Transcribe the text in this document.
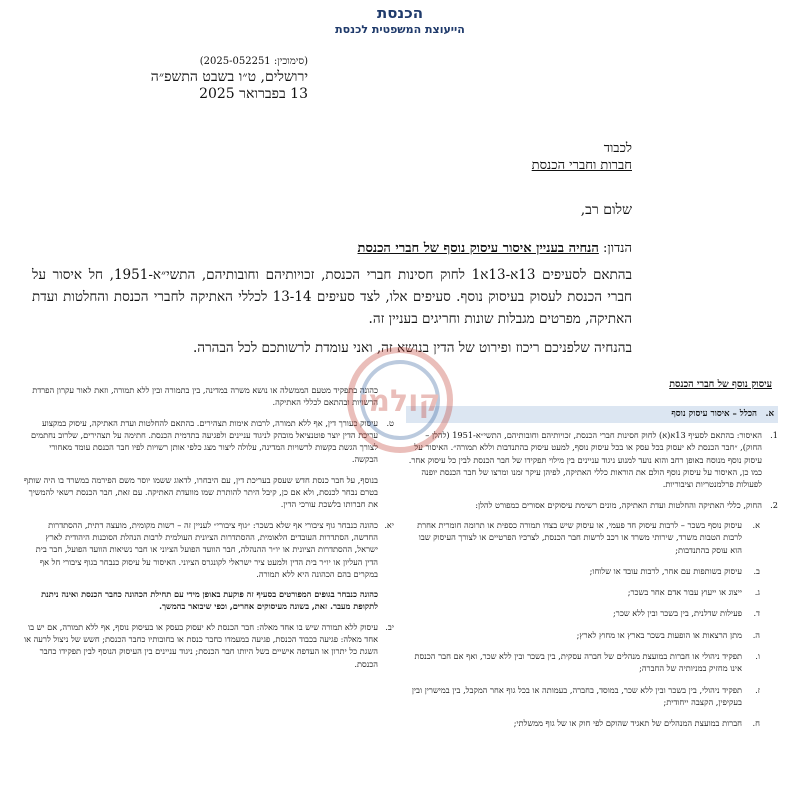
הכנסת
הייעוצת המשפטית לכנסת
(סימוכין: 2025-052251)
ירושלים, ט״ו בשבט התשפ״ה
13 בפברואר 2025
לכבוד
חברות וחברי הכנסת
שלום רב,
הנדון: הנחיה בעניין איסור עיסוק נוסף של חברי הכנסת
בהתאם לסעיפים 13א-13א1 לחוק חסינות חברי הכנסת, זכויותיהם וחובותיהם, התשי״א-1951, חל איסור על חברי הכנסת לעסוק בעיסוק נוסף. סעיפים אלו, לצד סעיפים 13-14 לכללי האתיקה לחברי הכנסת והחלטות ועדת האתיקה, מפרטים מגבלות שונות וחריגים בעניין זה.
בהנחיה שלפניכם ריכוז ופירוט של הדין בנושא זה, ואני עומדת לרשותכם לכל הבהרה.
עיסוק נוסף של חברי הכנסת
א. הכלל – איסור עיסוק נוסף
1.
האיסור: בהתאם לסעיף 13א(א) לחוק חסינות חברי הכנסת, זכויותיהם וחובותיהם, התשי״א-1951 (להלן – החוק), ״חבר הכנסת לא יעסוק בכל עסק או בכל עיסוק נוסף, למעט עיסוק בהתנדבות וללא תמורה״. האיסור על עיסוק נוסף מנוסח באופן רחב והוא נועד למנוע ניגוד עניינים בין מילוי תפקידו של חבר הכנסת לבין כל עיסוק אחר. כמו כן, האיסור על עיסוק נוסף הולם את הוראות כללי האתיקה, לפיהן עיקר זמנו ומרצו של חבר הכנסת יופנה לפעולות פרלמנטריות וציבוריות.
2.
החוק, כללי האתיקה והחלטות ועדת האתיקה, מונים רשימת עיסוקים אסורים כמפורט להלן:
א.
עיסוק נוסף בשכר – לרבות עיסוק חד פעמי, או עיסוק שיש בצדו תמורה כספית או תרומה חומרית אחרת לרבות הטבות משרד, שירותי משרד או רכב לרשות חבר הכנסת, לצרכיו הפרטיים או לצורך העיסוק שבו הוא עוסק בהתנדבות;
ב.
עיסוק בשותפות עם אחר, לרבות עובד או שלוחו;
ג.
ייצוג או ייעוץ עבור אדם אחר בשכר;
ד.
פעילות שדלנית, בין בשכר ובין ללא שכר;
ה.
מתן הרצאות או הופעות בשכר בארץ או מחוץ לארץ;
ו.
תפקיד ניהולי או חברות במועצת מנהלים של חברה עסקית, בין בשכר ובין ללא שכר, ואף אם חבר הכנסת אינו מחזיק במניותיה של החברה;
ז.
תפקיד ניהולי, בין בשכר ובין ללא שכר, במוסד, בחברה, בעמותה או בכל גוף אחר המקבל, בין במישרין ובין בעקיפין, הקצבה ייחודית;
ח.
חברות במועצת המנהלים של תאגיד שהוקם לפי חוק או של גוף ממשלתי;
כהונה בתפקיד מטעם הממשלה או נושא משרה במדינה, בין בתמורה ובין ללא תמורה, וזאת לאור עקרון הפרדת הרשויות ובהתאם לכללי האתיקה.
ט.
עיסוק כעורך דין, אף ללא תמורה, לרבות אימות תצהירים. בהתאם להחלטות ועדת האתיקה, עיסוק במקצוע עריכת הדין יוצר פוטנציאל מובהק לניגוד עניינים ולפגיעה בתדמית הכנסת. חתימה על תצהירים, שלרוב נחתמים לצורך הגשת בקשות לרשויות המדינה, עלולה ליצור מצג כלפי אותן רשויות לפיו חבר הכנסת עומד מאחורי הבקשה.
בנוסף, על חבר כנסת חדש שעסק בעריכת דין, עם היבחרו, לדאוג ששמו יוסר משם הפירמה במשרד בו היה שותף בטרם נבחר לכנסת, ולא אם כן, קיבל היתר להותרת שמו מוועדת האתיקה. עם זאת, חבר הכנסת רשאי להמשיך את חברותו בלשכת עורכי הדין.
יא.
כהונה כנבחר גוף ציבורי אף שלא בשכר: ״גוף ציבורי״ לעניין זה – רשות מקומית, מועצה דתית, ההסתדרות החדשה, הסתדרות העובדים הלאומית, ההסתדרות הציונית העולמית לרבות הנהלת הסוכנות היהודית לארץ ישראל, ההסתדרות הציונית או יו״ר ההנהלה, חבר הוועד הפועל הציוני או חבר נשיאות הוועד הפועל, חבר בית הדין העליון או יו״ר בית הדין ולמעט ציר ישראלי לקונגרס הציוני. האיסור על עיסוק כנבחר בגוף ציבורי חל אף במקרים בהם הכהונה היא ללא תמורה.
כהונה כנבחר בגופים המפורטים בסעיף זה פוקעת באופן מידי עם תחילת הכהונה כחבר הכנסת ואינה ניתנת לתקופת מעבר. זאת, בשונה מעיסוקים אחרים, וכפי שיבואר בהמשך.
יב.
עיסוק ללא תמורה שיש בו אחד מאלה: חבר הכנסת לא יעסוק בעסק או בעיסוק נוסף, אף ללא תמורה, אם יש בו אחד מאלה: פגיעה בכבוד הכנסת, פגיעה במעמדו כחבר כנסת או בחובותיו כחבר הכנסת; חשש של ניצול לרעה או השגת כל יתרון או העדפה אישיים בשל היותו חבר הכנסת; ניגוד עניינים בין העיסוק הנוסף לבין תפקידו כחבר הכנסת.
קולמי
